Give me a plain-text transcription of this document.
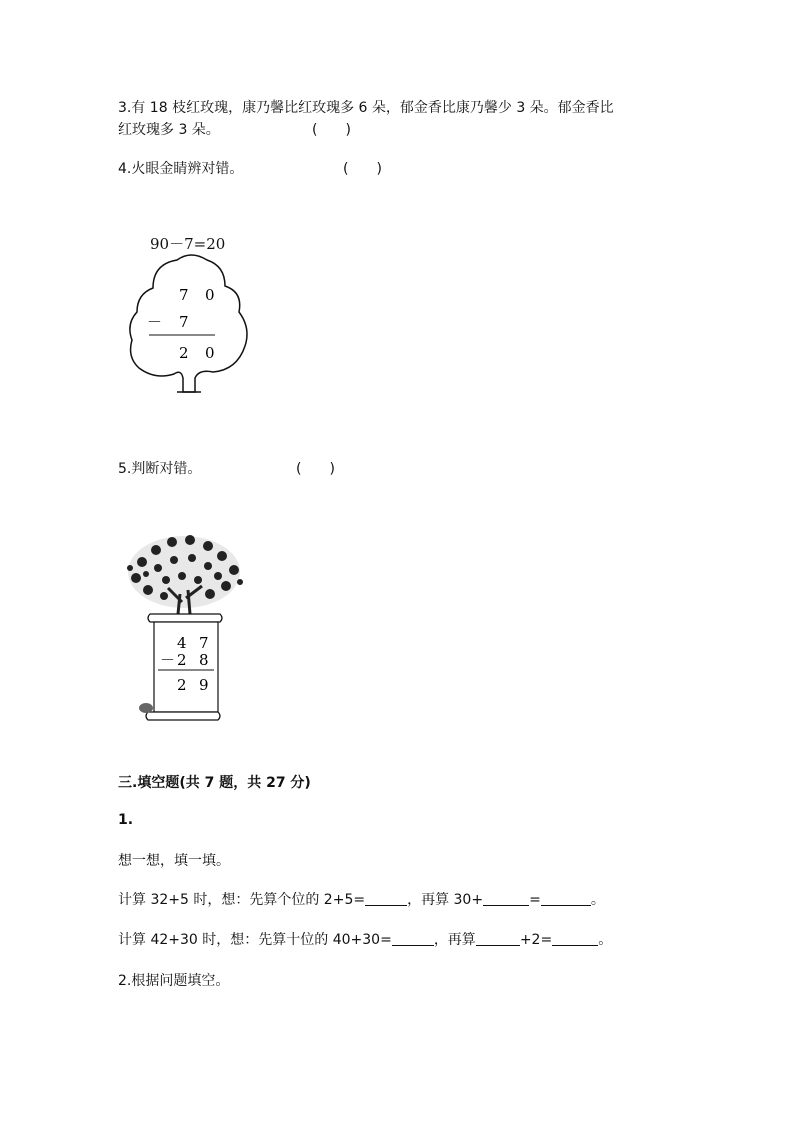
3.有 18 枝红玫瑰，康乃馨比红玫瑰多 6 朵，郁金香比康乃馨少 3 朵。郁金香比
红玫瑰多 3 朵。	(　　)
4.火眼金睛辨对错。	(　　)
90－7=20
7 0
－ 7
2 0
5.判断对错。	(　　)
4 7
－ 2 8
2 9
三.填空题(共 7 题，共 27 分)
1.
想一想，填一填。
计算 32+5 时，想：先算个位的 2+5=	，再算 30+	=	。
计算 42+30 时，想：先算十位的 40+30=	，再算	+2=	。
2.根据问题填空。
